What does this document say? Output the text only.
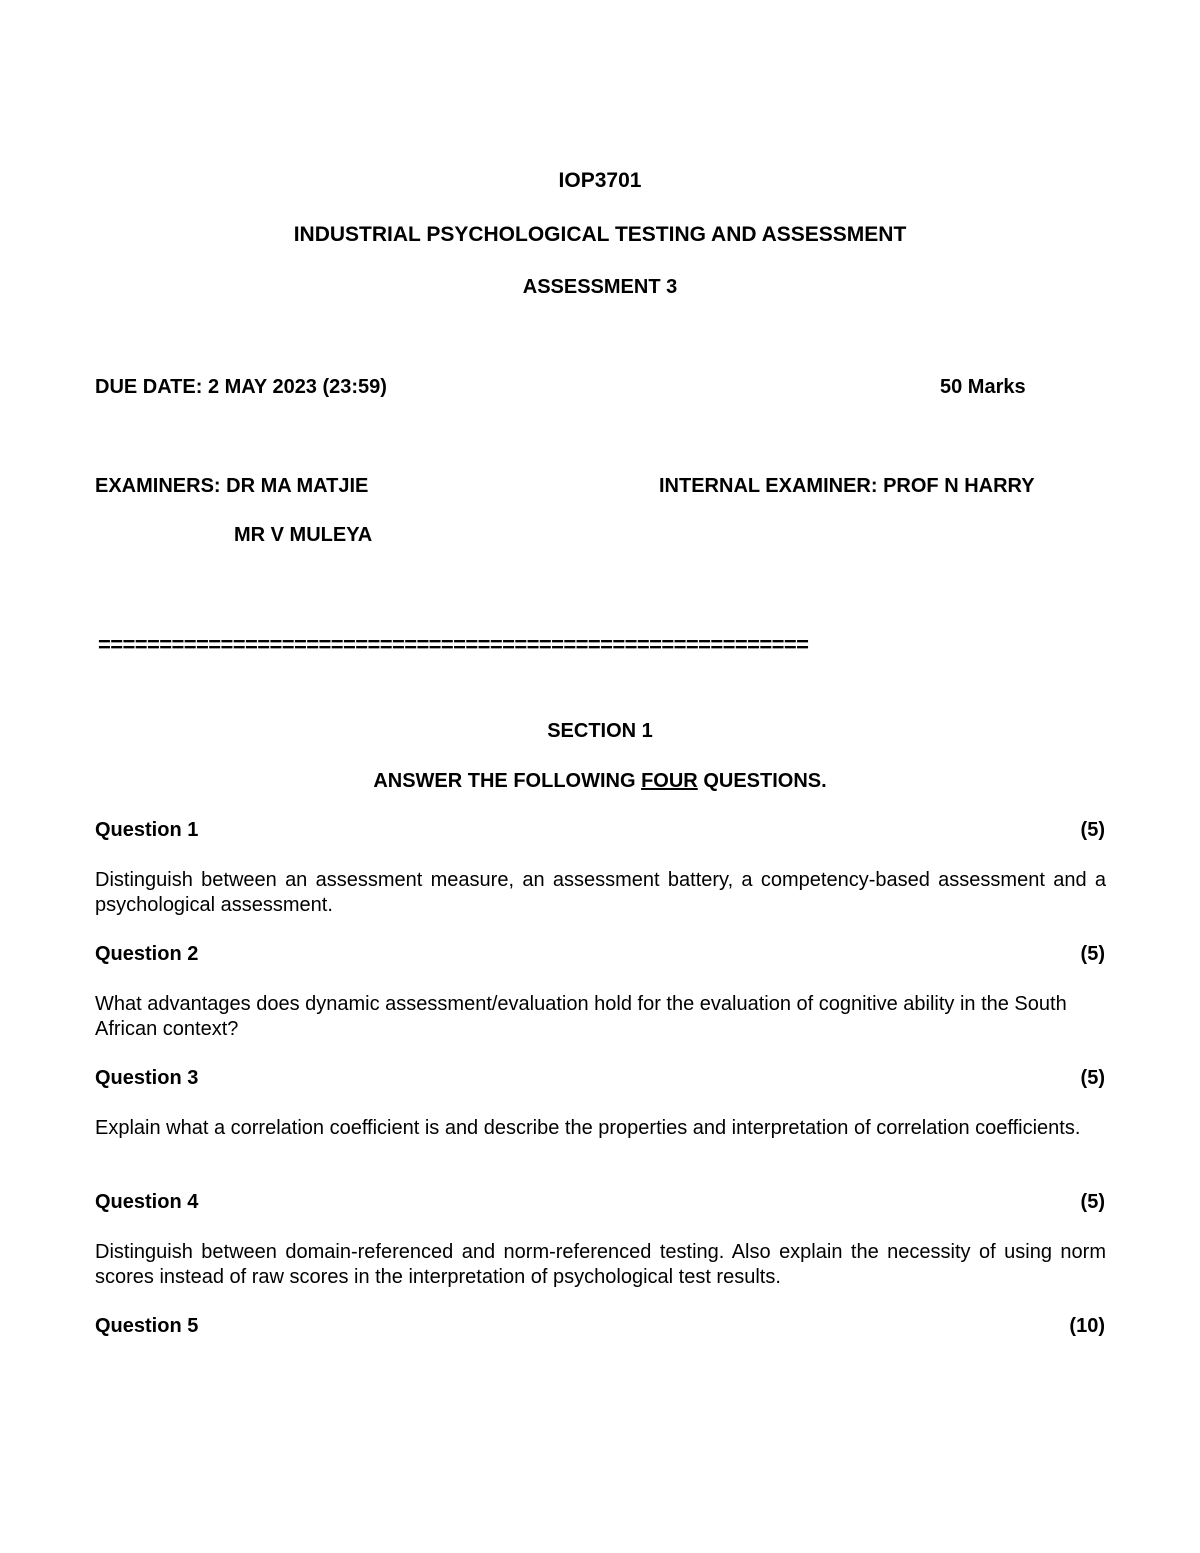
IOP3701
INDUSTRIAL PSYCHOLOGICAL TESTING AND ASSESSMENT
ASSESSMENT 3
DUE DATE: 2 MAY 2023 (23:59)	50 Marks
EXAMINERS: DR MA MATJIE	INTERNAL EXAMINER: PROF N HARRY
MR V MULEYA
==========================================================
SECTION 1
ANSWER THE FOLLOWING FOUR QUESTIONS.
Question 1	(5)
Distinguish between an assessment measure, an assessment battery, a competency-based assessment and a psychological assessment.
Question 2	(5)
What advantages does dynamic assessment/evaluation hold for the evaluation of cognitive ability in the South African context?
Question 3	(5)
Explain what a correlation coefficient is and describe the properties and interpretation of correlation coefficients.
Question 4	(5)
Distinguish between domain-referenced and norm-referenced testing. Also explain the necessity of using norm scores instead of raw scores in the interpretation of psychological test results.
Question 5	(10)
